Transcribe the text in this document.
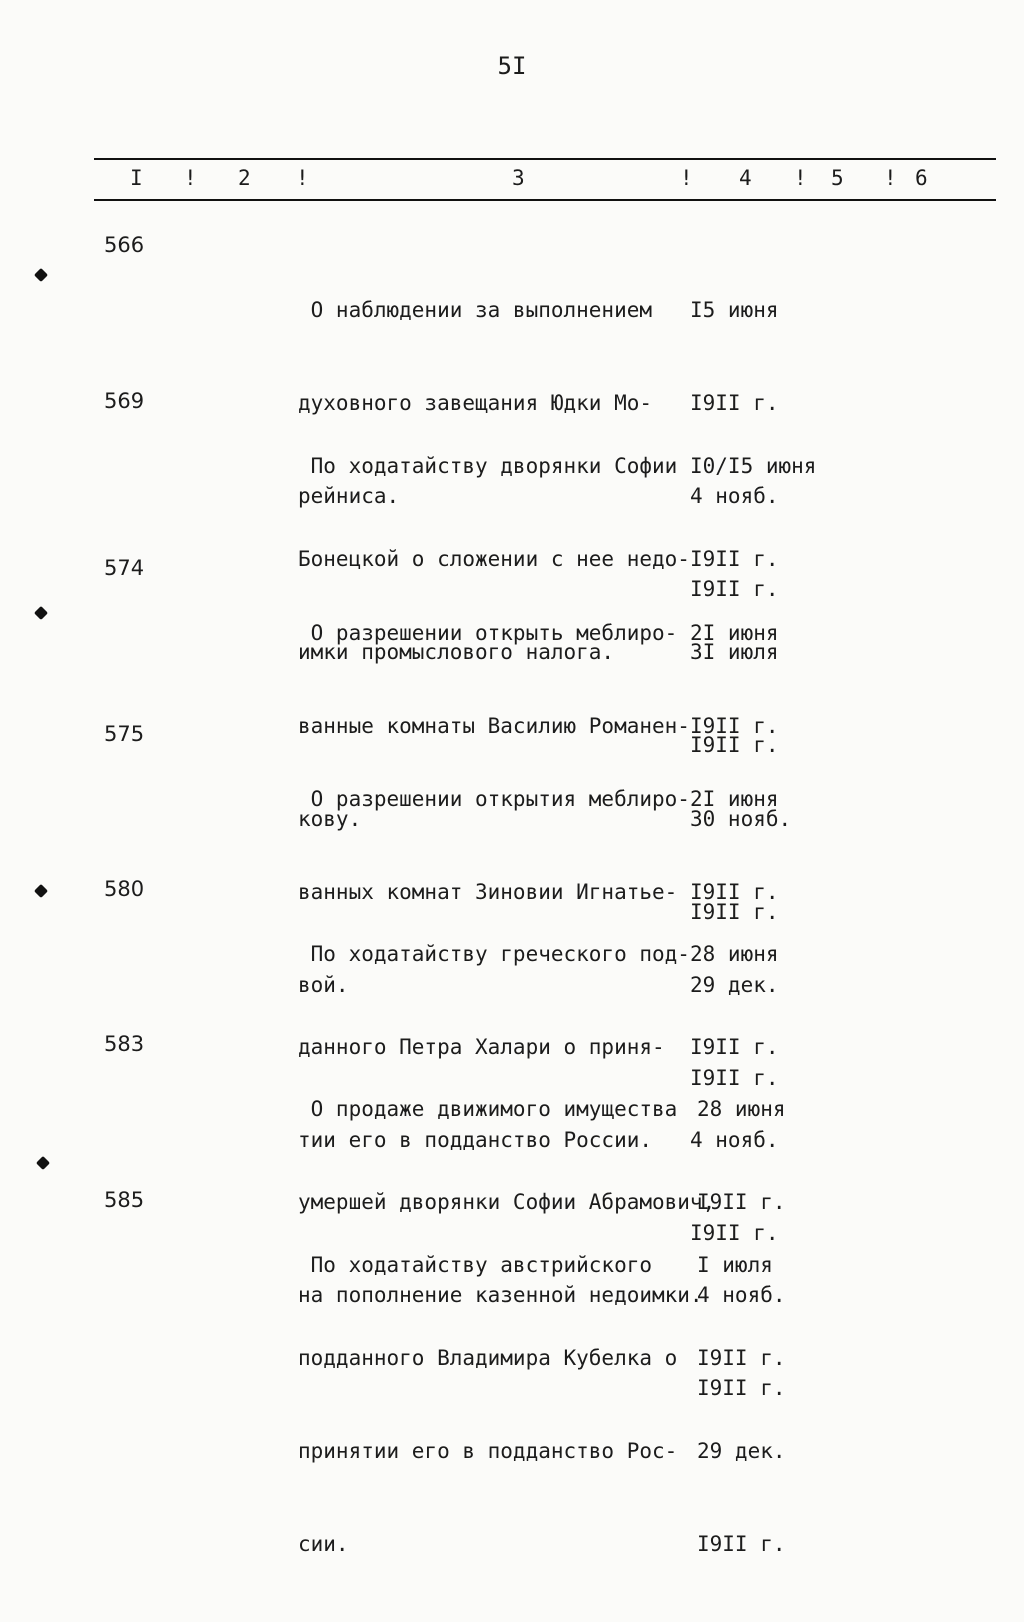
5I
I ! 2 !	3	! 4 ! 5 ! 6
566

О наблюдении за выполнением

духовного завещания Юдки Мо-

рейниса.

I5 июня

I9II г.

4 нояб.

I9II г.

569

По ходатайству дворянки Софии

Бонецкой о сложении с нее недо-

имки промыслового налога.

I0/I5 июня

I9II г.

3I июля

I9II г.

574

О разрешении открыть меблиро-

ванные комнаты Василию Романен-

кову.

2I июня

I9II г.

30 нояб.

I9II г.

575

О разрешении открытия меблиро-

ванных комнат Зиновии Игнатье-

вой.

2I июня

I9II г.

29 дек.

I9II г.

580

По ходатайству греческого под-

данного Петра Халари о приня-

тии его в подданство Pоссии.

28 июня

I9II г.

4 нояб.

I9II г.

583

О продаже движимого имущества

умершей дворянки Софии Абрамович,

на пополнение казенной недоимки.

28 июня

I9II г.

4 нояб.

I9II г.

585

По ходатайству австрийского

подданного Владимира Кубелка о

принятии его в подданство Рос-

сии.

I июля

I9II г.

29 дек.

I9II г.
